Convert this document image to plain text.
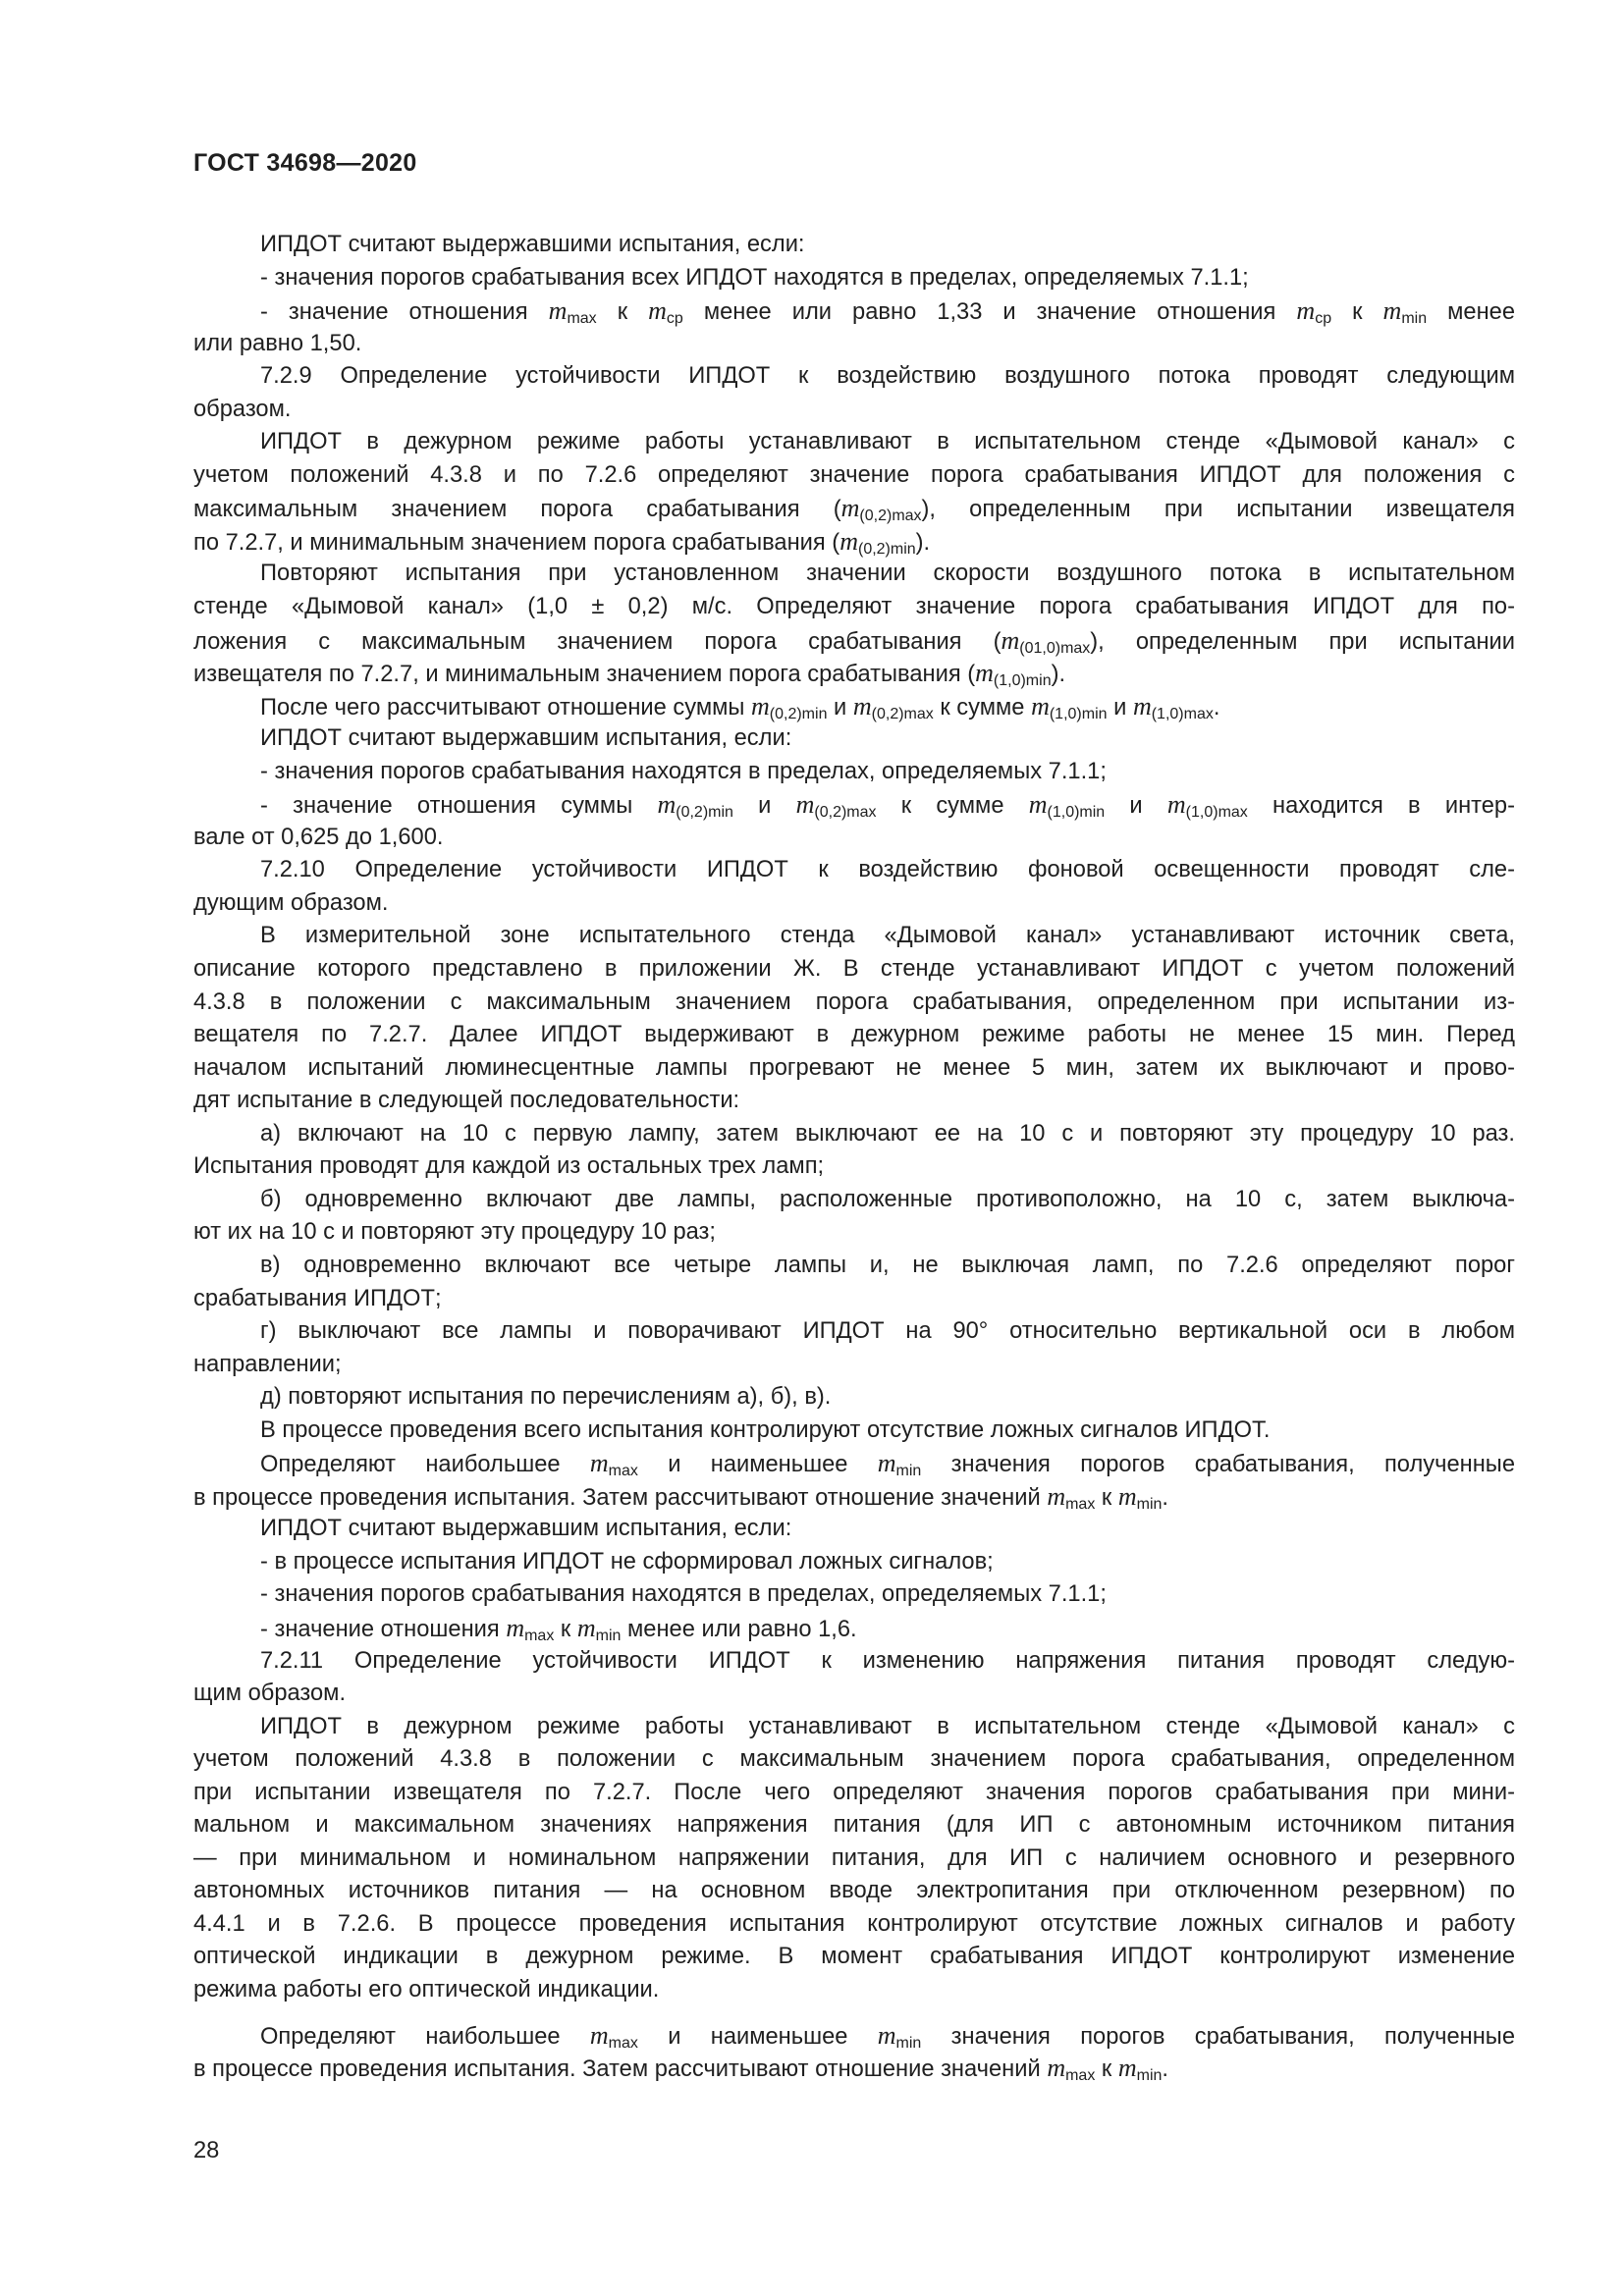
ГОСТ 34698—2020
ИПДОТ считают выдержавшими испытания, если:
- значения порогов срабатывания всех ИПДОТ находятся в пределах, определяемых 7.1.1;
- значение отношения $m_{max}$ к $m_{ср}$ менее или равно 1,33 и значение отношения $m_{ср}$ к $m_{min}$ менее
или равно 1,50.
7.2.9 Определение устойчивости ИПДОТ к воздействию воздушного потока проводят следующим
образом.
ИПДОТ в дежурном режиме работы устанавливают в испытательном стенде «Дымовой канал» с
учетом положений 4.3.8 и по 7.2.6 определяют значение порога срабатывания ИПДОТ для положения с
максимальным значением порога срабатывания $(m_{(0,2)max})$, определенным при испытании извещателя
по 7.2.7, и минимальным значением порога срабатывания $(m_{(0,2)min})$.
Повторяют испытания при установленном значении скорости воздушного потока в испытательном
стенде «Дымовой канал» (1,0 ± 0,2) м/с. Определяют значение порога срабатывания ИПДОТ для по-
ложения с максимальным значением порога срабатывания $(m_{(01,0)max})$, определенным при испытании
извещателя по 7.2.7, и минимальным значением порога срабатывания $(m_{(1,0)min})$.
После чего рассчитывают отношение суммы $m_{(0,2)min}$ и $m_{(0,2)max}$ к сумме $m_{(1,0)min}$ и $m_{(1,0)max}$.
ИПДОТ считают выдержавшим испытания, если:
- значения порогов срабатывания находятся в пределах, определяемых 7.1.1;
- значение отношения суммы $m_{(0,2)min}$ и $m_{(0,2)max}$ к сумме $m_{(1,0)min}$ и $m_{(1,0)max}$ находится в интер-
вале от 0,625 до 1,600.
7.2.10 Определение устойчивости ИПДОТ к воздействию фоновой освещенности проводят сле-
дующим образом.
В измерительной зоне испытательного стенда «Дымовой канал» устанавливают источник света,
описание которого представлено в приложении Ж. В стенде устанавливают ИПДОТ с учетом положений
4.3.8 в положении с максимальным значением порога срабатывания, определенном при испытании из-
вещателя по 7.2.7. Далее ИПДОТ выдерживают в дежурном режиме работы не менее 15 мин. Перед
началом испытаний люминесцентные лампы прогревают не менее 5 мин, затем их выключают и прово-
дят испытание в следующей последовательности:
а) включают на 10 с первую лампу, затем выключают ее на 10 с и повторяют эту процедуру 10 раз.
Испытания проводят для каждой из остальных трех ламп;
б) одновременно включают две лампы, расположенные противоположно, на 10 с, затем выключа-
ют их на 10 с и повторяют эту процедуру 10 раз;
в) одновременно включают все четыре лампы и, не выключая ламп, по 7.2.6 определяют порог
срабатывания ИПДОТ;
г) выключают все лампы и поворачивают ИПДОТ на 90° относительно вертикальной оси в любом
направлении;
д) повторяют испытания по перечислениям а), б), в).
В процессе проведения всего испытания контролируют отсутствие ложных сигналов ИПДОТ.
Определяют наибольшее $m_{max}$ и наименьшее $m_{min}$ значения порогов срабатывания, полученные
в процессе проведения испытания. Затем рассчитывают отношение значений $m_{max}$ к $m_{min}$.
ИПДОТ считают выдержавшим испытания, если:
- в процессе испытания ИПДОТ не сформировал ложных сигналов;
- значения порогов срабатывания находятся в пределах, определяемых 7.1.1;
- значение отношения $m_{max}$ к $m_{min}$ менее или равно 1,6.
7.2.11 Определение устойчивости ИПДОТ к изменению напряжения питания проводят следую-
щим образом.
ИПДОТ в дежурном режиме работы устанавливают в испытательном стенде «Дымовой канал» с
учетом положений 4.3.8 в положении с максимальным значением порога срабатывания, определенном
при испытании извещателя по 7.2.7. После чего определяют значения порогов срабатывания при мини-
мальном и максимальном значениях напряжения питания (для ИП с автономным источником питания
— при минимальном и номинальном напряжении питания, для ИП с наличием основного и резервного
автономных источников питания — на основном вводе электропитания при отключенном резервном) по
4.4.1 и в 7.2.6. В процессе проведения испытания контролируют отсутствие ложных сигналов и работу
оптической индикации в дежурном режиме. В момент срабатывания ИПДОТ контролируют изменение
режима работы его оптической индикации.
Определяют наибольшее $m_{max}$ и наименьшее $m_{min}$ значения порогов срабатывания, полученные
в процессе проведения испытания. Затем рассчитывают отношение значений $m_{max}$ к $m_{min}$.
28
